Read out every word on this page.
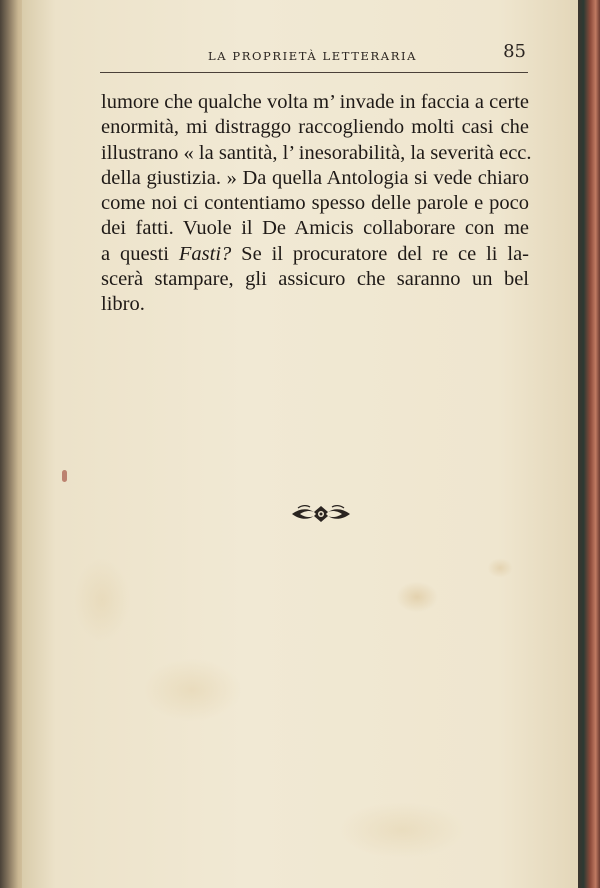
LA PROPRIETÀ LETTERARIA	85
lumore che qualche volta m’ invade in faccia a certe
enormità, mi distraggo raccogliendo molti casi che
illustrano « la santità, l’ inesorabilità, la severità ecc.
della giustizia. » Da quella Antologia si vede chiaro
come noi ci contentiamo spesso delle parole e poco
dei fatti. Vuole il De Amicis collaborare con me
a questi Fasti? Se il procuratore del re ce li la-
scerà stampare, gli assicuro che saranno un bel
libro.
